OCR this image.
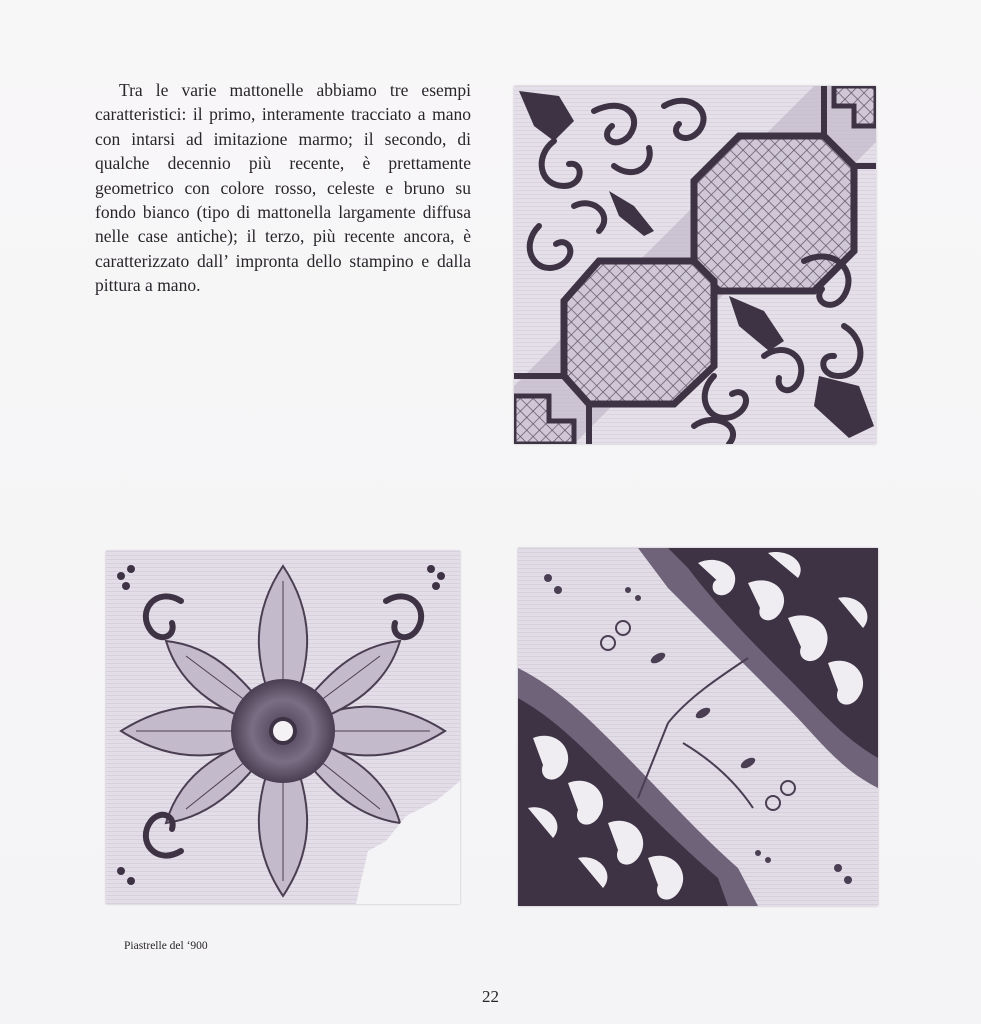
Tra le varie mattonelle abbiamo tre esempi caratteristici: il primo, interamente tracciato a mano con intarsi ad imitazione marmo; il secondo, di qualche decennio più recente, è prettamente geometrico con colore rosso, celeste e bruno su fondo bianco (tipo di mattonella largamente diffusa nelle case antiche); il terzo, più recente ancora, è caratterizzato dall’ impronta dello stampino e dalla pittura a mano.

Piastrelle del ‘900
22
